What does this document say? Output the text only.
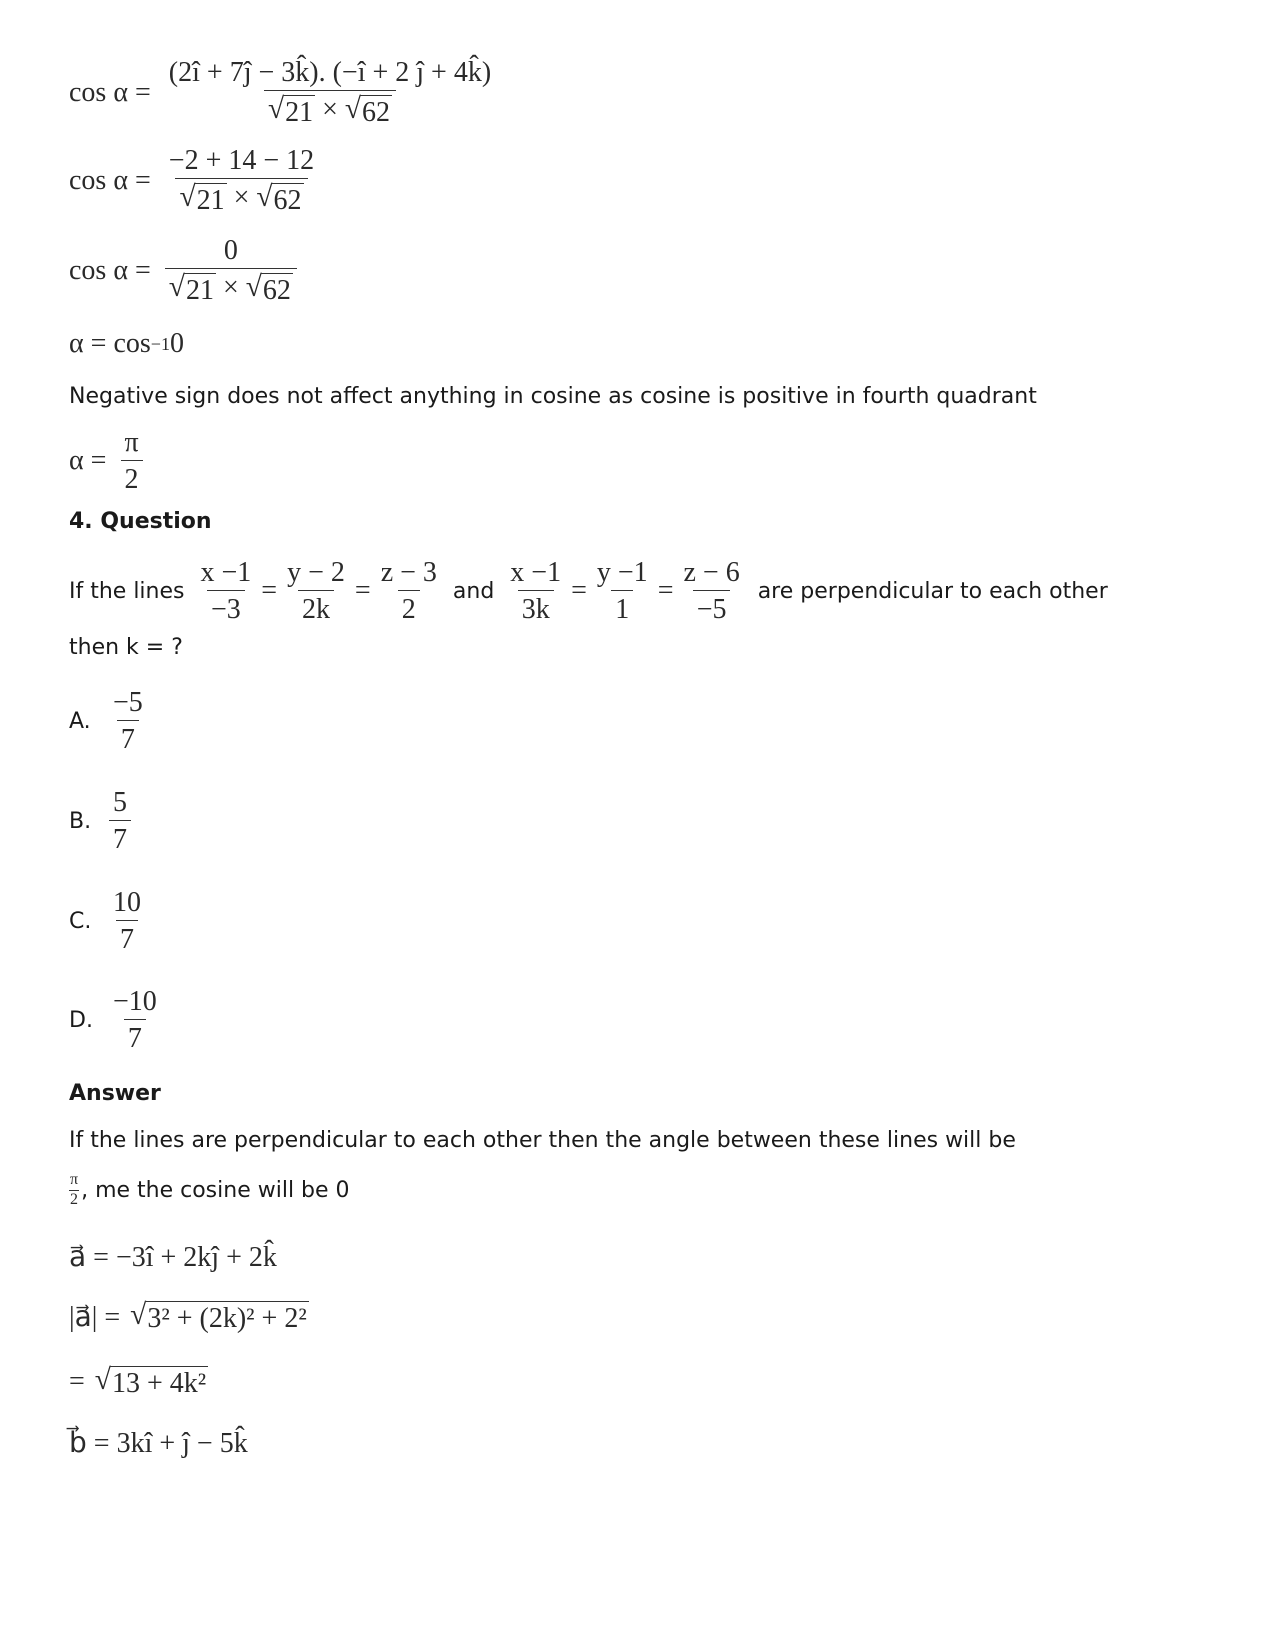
$\cos \alpha = \frac{(2î + 7ĵ - 3k̂). (-î + 2 ĵ + 4k̂)}{√ 21 \times √ 62}$
$\cos \alpha = \frac{-2 + 14 - 12}{√ 21 \times √ 62}$
$\cos \alpha = \frac{0}{√ 21 \times √ 62}$
α = cos −1 0
Negative sign does not affect anything in cosine as cosine is positive in fourth quadrant
$\alpha = \frac{\pi}{2}$
4. Question
If the lines $\frac{x -1}{-3} = \frac{y - 2}{2k} = \frac{z - 3}{2}$ and $\frac{x -1}{3k} = \frac{y -1}{1} = \frac{z - 6}{-5}$ are perpendicular to each other
then k = ?
A. $\frac{-5}{7}$
B. $\frac{5}{7}$
C. $\frac{10}{7}$
D. $\frac{-10}{7}$
Answer
If the lines are perpendicular to each other then the angle between these lines will be
$\frac{\pi}{2}$ , me the cosine will be 0
a⃗ = −3î + 2kĵ + 2k̂
|a⃗| = √ 3² + (2k)² + 2²
= √ 13 + 4k²
b⃗ = 3kî + ĵ − 5k̂
